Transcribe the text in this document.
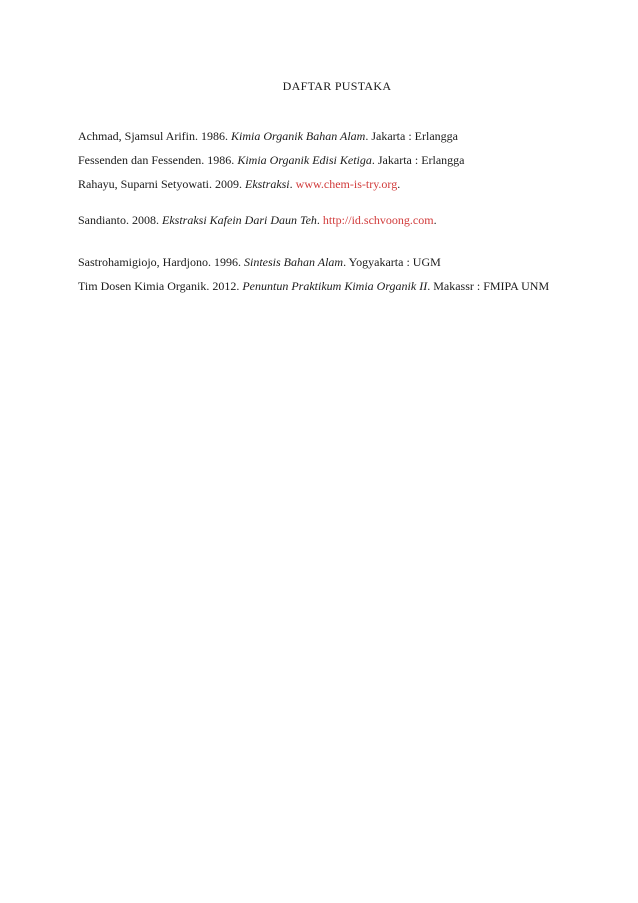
DAFTAR PUSTAKA
Achmad, Sjamsul Arifin. 1986. Kimia Organik Bahan Alam. Jakarta : Erlangga
Fessenden dan Fessenden. 1986. Kimia Organik Edisi Ketiga. Jakarta : Erlangga
Rahayu, Suparni Setyowati. 2009. Ekstraksi. www.chem-is-try.org.
Sandianto. 2008. Ekstraksi Kafein Dari Daun Teh. http://id.schvoong.com.
Sastrohamigiojo, Hardjono. 1996. Sintesis Bahan Alam. Yogyakarta : UGM
Tim Dosen Kimia Organik. 2012. Penuntun Praktikum Kimia Organik II. Makassr : FMIPA UNM
